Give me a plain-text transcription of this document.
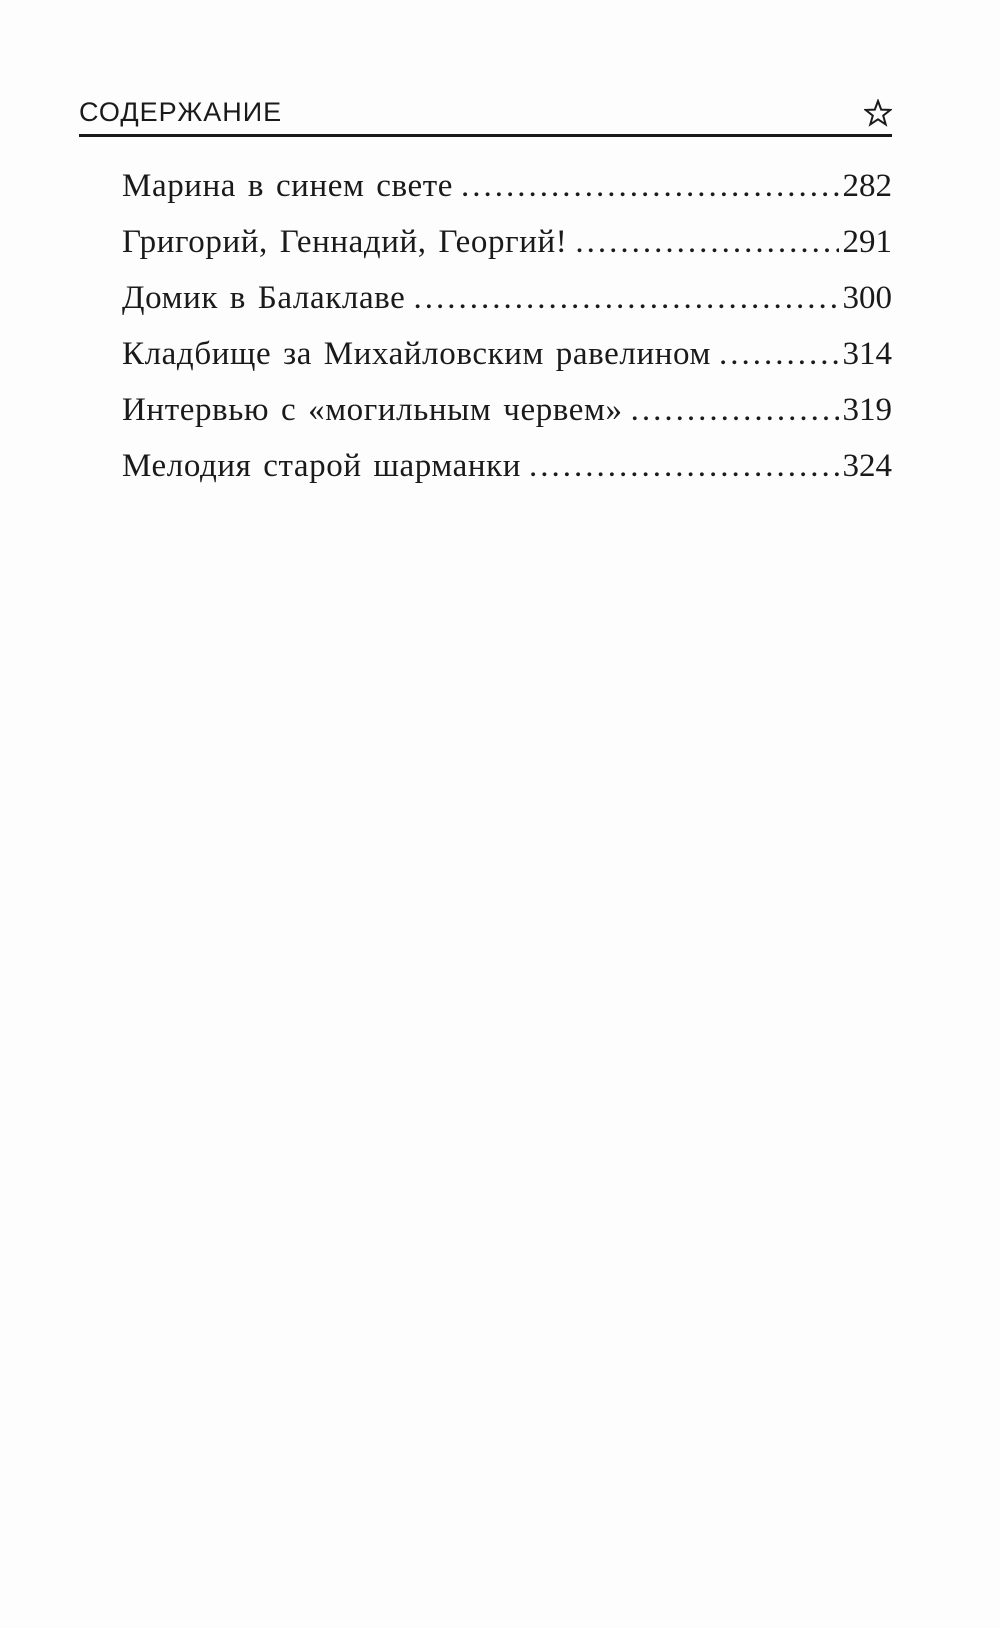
СОДЕРЖАНИЕ
Марина в синем свете .....	282
Григорий, Геннадий, Георгий! .....	291
Домик в Балаклаве .....	300
Кладбище за Михайловским равелином .....	314
Интервью с «могильным червем» .....	319
Мелодия старой шарманки .....	324
